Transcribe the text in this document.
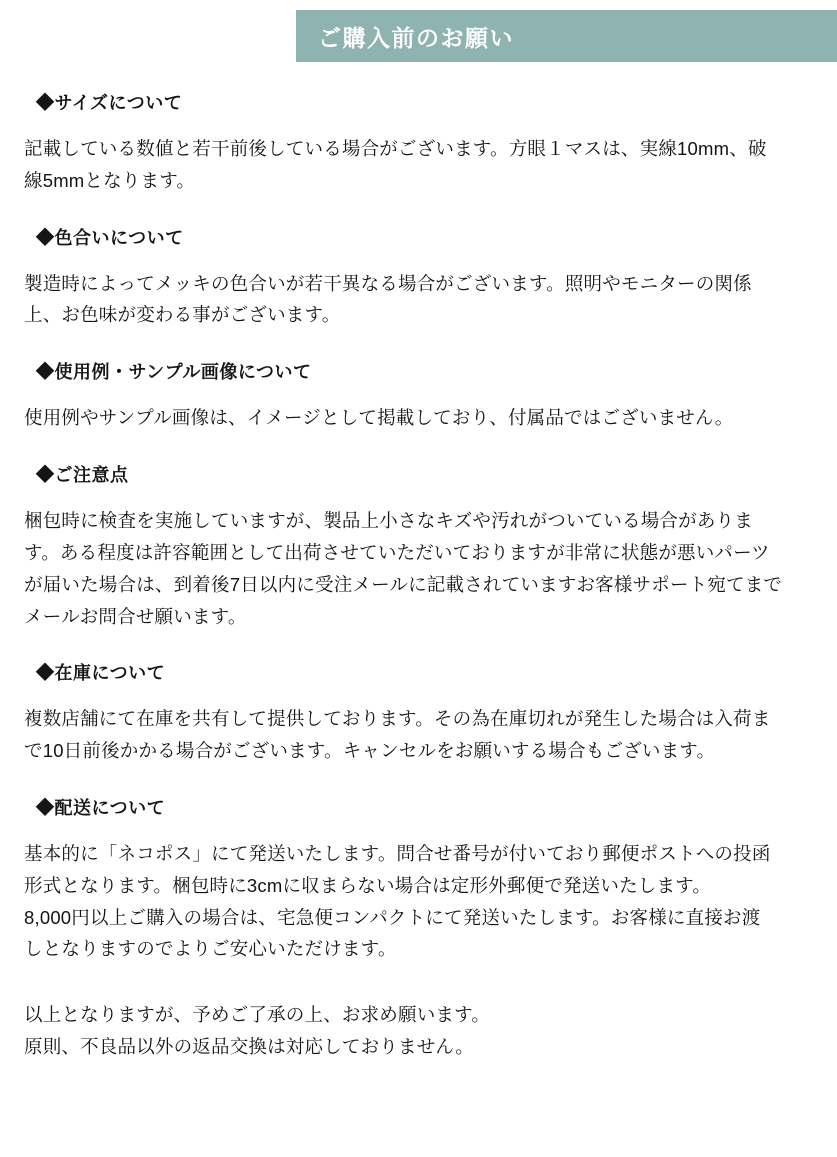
ご購入前のお願い
◆サイズについて
記載している数値と若干前後している場合がございます。方眼１マスは、実線10mm、破
線5mmとなります。
◆色合いについて
製造時によってメッキの色合いが若干異なる場合がございます。照明やモニターの関係
上、お色味が変わる事がございます。
◆使用例・サンプル画像について
使用例やサンプル画像は、イメージとして掲載しており、付属品ではございません。
◆ご注意点
梱包時に検査を実施していますが、製品上小さなキズや汚れがついている場合がありま
す。ある程度は許容範囲として出荷させていただいておりますが非常に状態が悪いパーツ
が届いた場合は、到着後7日以内に受注メールに記載されていますお客様サポート宛てまで
メールお問合せ願います。
◆在庫について
複数店舗にて在庫を共有して提供しております。その為在庫切れが発生した場合は入荷ま
で10日前後かかる場合がございます。キャンセルをお願いする場合もございます。
◆配送について
基本的に「ネコポス」にて発送いたします。問合せ番号が付いており郵便ポストへの投函
形式となります。梱包時に3cmに収まらない場合は定形外郵便で発送いたします。
8,000円以上ご購入の場合は、宅急便コンパクトにて発送いたします。お客様に直接お渡
しとなりますのでよりご安心いただけます。
以上となりますが、予めご了承の上、お求め願います。
原則、不良品以外の返品交換は対応しておりません。
